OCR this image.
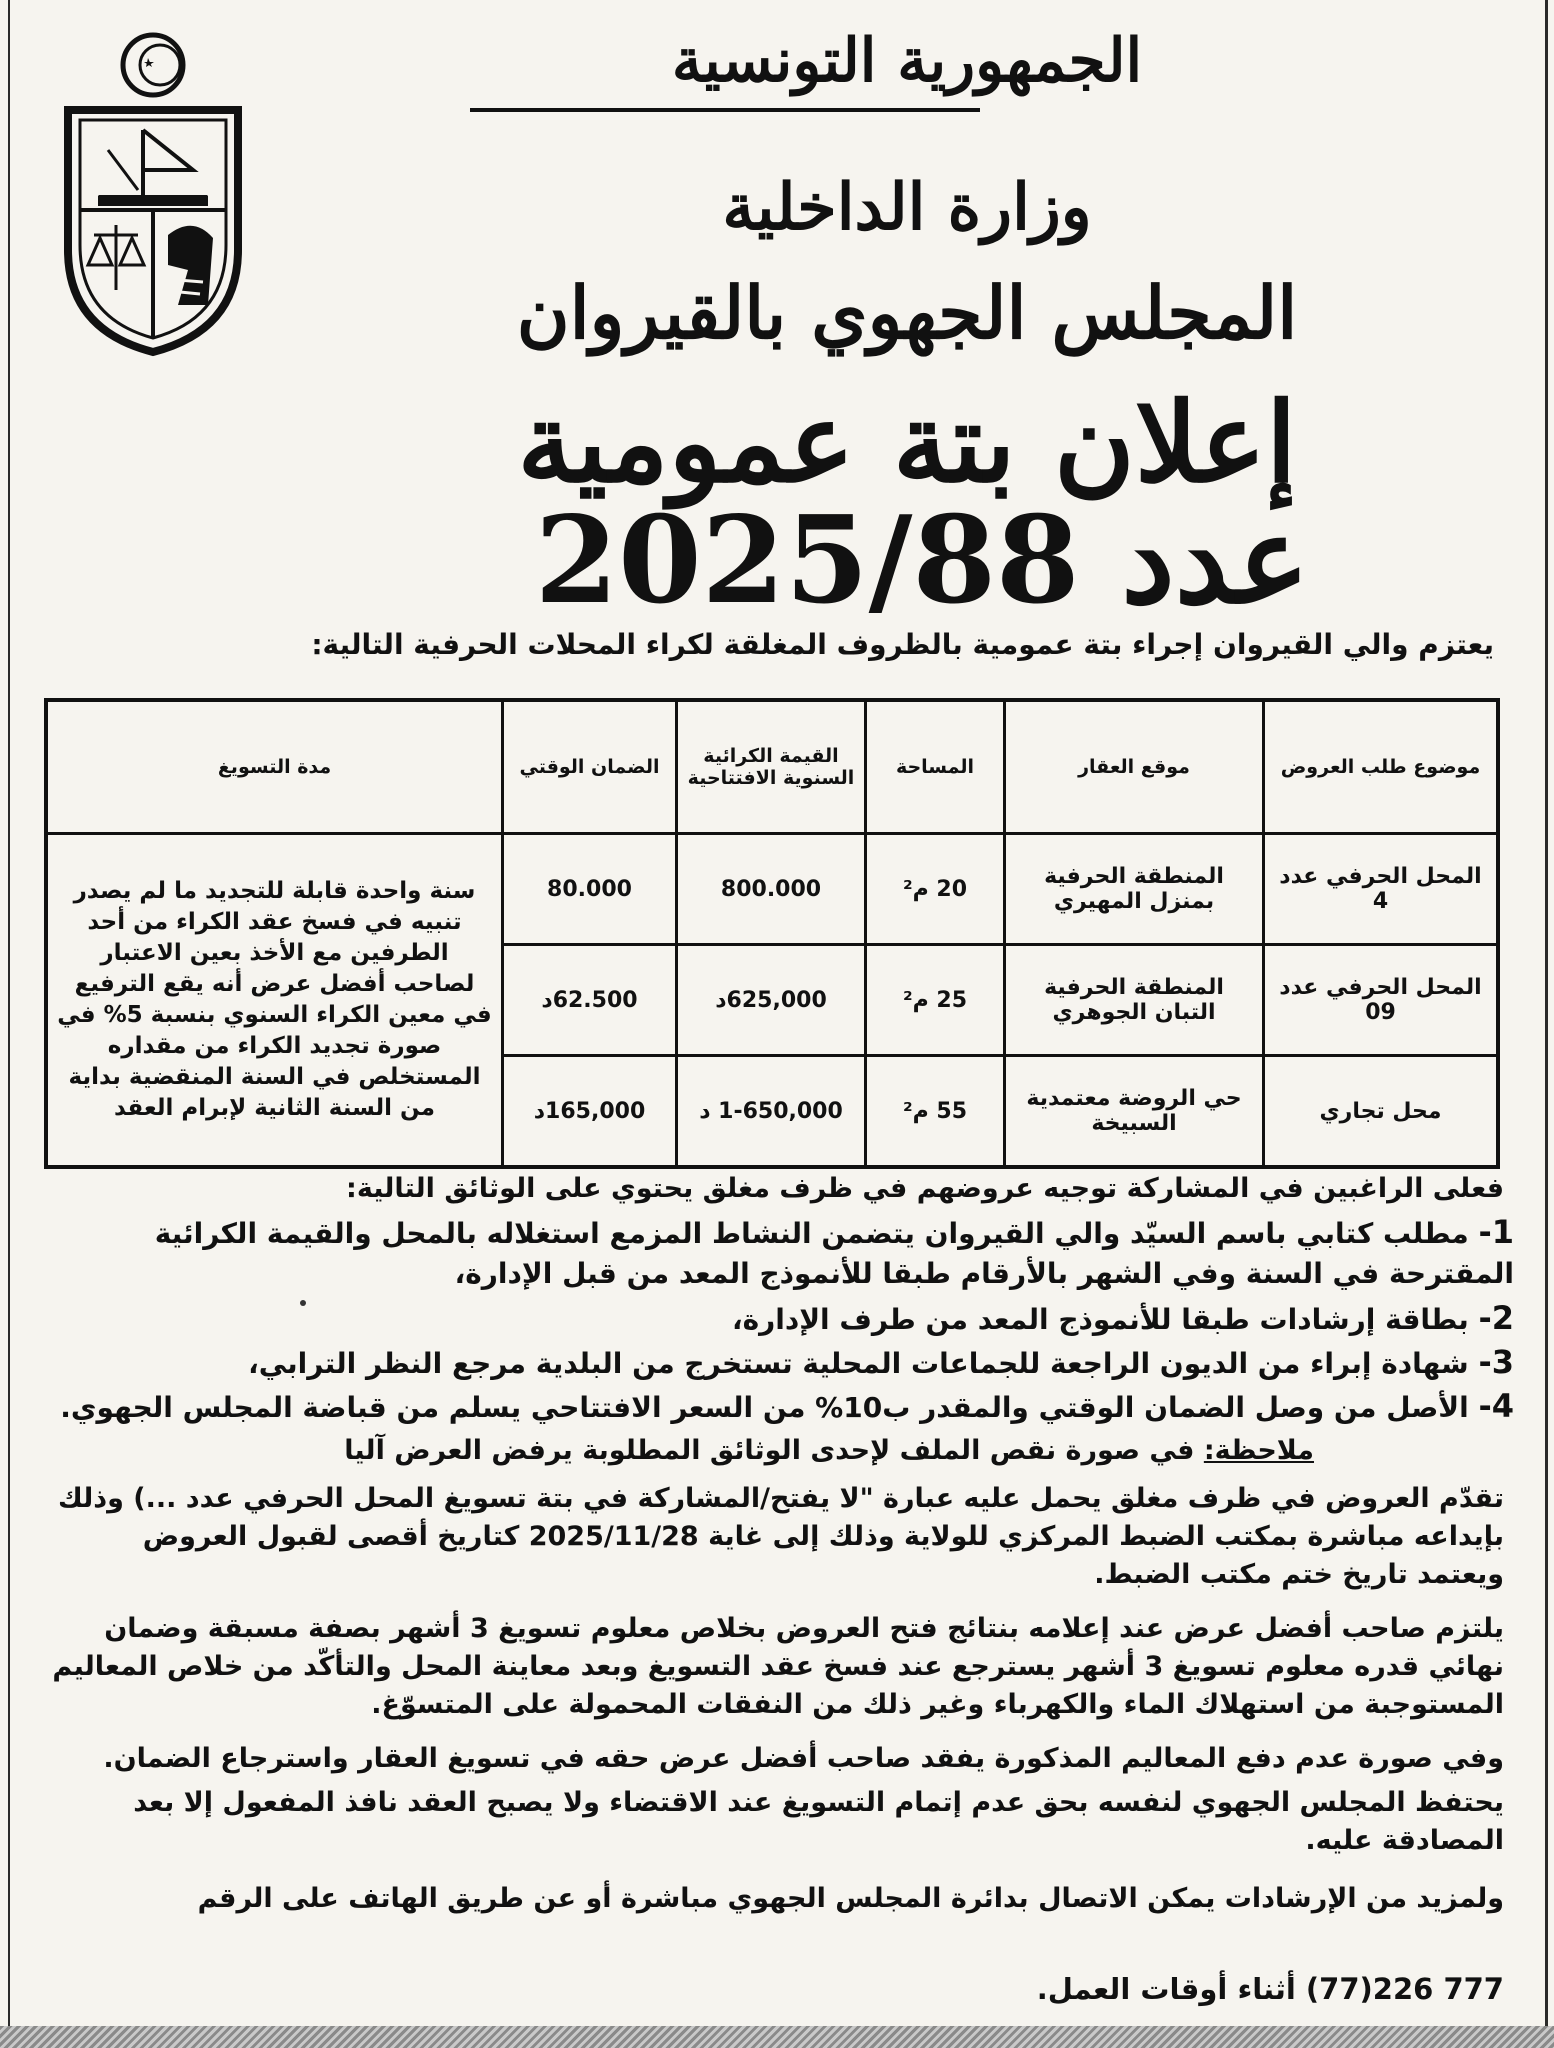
الجمهورية التونسية
وزارة الداخلية
المجلس الجهوي بالقيروان
إعلان بتة عمومية
عدد 2025/88
يعتزم والي القيروان إجراء بتة عمومية بالظروف المغلقة لكراء المحلات الحرفية التالية:
موضوع طلب العروض	موقع العقار	المساحة	القيمة الكرائية السنوية الافتتاحية	الضمان الوقتي	مدة التسويغ
المحل الحرفي عدد 4	المنطقة الحرفية بمنزل المهيري	20 م²	800.000	80.000	سنة واحدة قابلة للتجديد ما لم يصدر تنبيه في فسخ عقد الكراء من أحد الطرفين مع الأخذ بعين الاعتبار لصاحب أفضل عرض أنه يقع الترفيع في معين الكراء السنوي بنسبة 5% في صورة تجديد الكراء من مقداره المستخلص في السنة المنقضية بداية من السنة الثانية لإبرام العقد
المحل الحرفي عدد 09	المنطقة الحرفية التبان الجوهري	25 م²	625,000د	62.500د	
محل تجاري	حي الروضة معتمدية السبيخة	55 م²	1-650,000 د	165,000د	
فعلى الراغبين في المشاركة توجيه عروضهم في ظرف مغلق يحتوي على الوثائق التالية:
1- مطلب كتابي باسم السيّد والي القيروان يتضمن النشاط المزمع استغلاله بالمحل والقيمة الكرائية المقترحة في السنة وفي الشهر بالأرقام طبقا للأنموذج المعد من قبل الإدارة،
2- بطاقة إرشادات طبقا للأنموذج المعد من طرف الإدارة،
3- شهادة إبراء من الديون الراجعة للجماعات المحلية تستخرج من البلدية مرجع النظر الترابي،
4- الأصل من وصل الضمان الوقتي والمقدر ب10% من السعر الافتتاحي يسلم من قباضة المجلس الجهوي.
ملاحظة: في صورة نقص الملف لإحدى الوثائق المطلوبة يرفض العرض آليا
تقدّم العروض في ظرف مغلق يحمل عليه عبارة "لا يفتح/المشاركة في بتة تسويغ المحل الحرفي عدد ...) وذلك بإيداعه مباشرة بمكتب الضبط المركزي للولاية وذلك إلى غاية 2025/11/28 كتاريخ أقصى لقبول العروض ويعتمد تاريخ ختم مكتب الضبط.
يلتزم صاحب أفضل عرض عند إعلامه بنتائج فتح العروض بخلاص معلوم تسويغ 3 أشهر بصفة مسبقة وضمان نهائي قدره معلوم تسويغ 3 أشهر يسترجع عند فسخ عقد التسويغ وبعد معاينة المحل والتأكّد من خلاص المعاليم المستوجبة من استهلاك الماء والكهرباء وغير ذلك من النفقات المحمولة على المتسوّغ.
وفي صورة عدم دفع المعاليم المذكورة يفقد صاحب أفضل عرض حقه في تسويغ العقار واسترجاع الضمان.
يحتفظ المجلس الجهوي لنفسه بحق عدم إتمام التسويغ عند الاقتضاء ولا يصبح العقد نافذ المفعول إلا بعد المصادقة عليه.
ولمزيد من الإرشادات يمكن الاتصال بدائرة المجلس الجهوي مباشرة أو عن طريق الهاتف على الرقم
777 226(77) أثناء أوقات العمل.
